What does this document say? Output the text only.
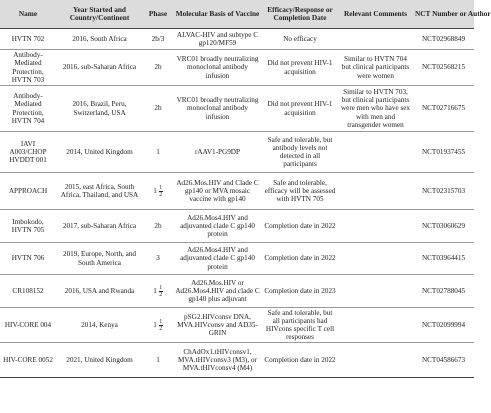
Name	Year Started and Country/Continent	Phase	Molecular Basis of Vaccine	Efficacy/Response or Completion Date	Relevant Comments	NCT Number or Author

HVTN 702	2016, South Africa	2b/3	ALVAC-HIV and subtype C gp120/MF59	No efficacy		NCT02968849
Antibody-Mediated Protection, HVTN 703	2016, sub-Saharan Africa	2b	VRC01 broadly neutralizing monoclonal antibody infusion	Did not prevent HIV-1 acquisition	Similar to HVTN 704 but clinical participants were women	NCT02568215
Antibody-Mediated Protection, HVTN 704	2016, Brazil, Peru, Switzerland, USA	2b	VRC01 broadly neutralizing monoclonal antibody infusion	Did not prevent HIV-1 acquisition	Similar to HVTN 703, but clinical participants were men who have sex with men and transgender women	NCT02716675
IAVI A003/CHOP HVDDT 001	2014, United Kingdom	1	rAAV1-PG9DP	Safe and tolerable, but antibody levels not detected in all participants		NCT01937455
APPROACH	2015, east Africa, South Africa, Thailand, and USA	$1 \frac{1}{2}$	Ad26.Mos.HIV and Clade C gp140 or MVA mosaic vaccine with gp140	Safe and tolerable, efficacy will be assessed with HVTN 705		NCT02315703
Imbokodo, HVTN 705	2017, sub-Saharan Africa	2b	Ad26.Mos4.HIV and adjuvanted clade C gp140 protein	Completion date in 2022		NCT03060629
HVTN 706	2019, Europe, North, and South America	3	Ad26.Mos4.HIV and adjuvanted clade C gp140 protein	Completion date in 2022		NCT03964415
CR108152	2016, USA and Rwanda	$1 \frac{1}{2}$	Ad26.Mos.HIV or Ad26.Mos4.HIV and clade C gp140 plus adjuvant	Completion date in 2023		NCT02788045
HIV-CORE 004	2014, Kenya	$1 \frac{1}{2}$	pSG2.HIVconsv DNA, MVA.HIVconsv and AD35-GRIN	Safe and tolerable, but all participants had HIVcons specific T cell responses		NCT02099994
HIV-CORE 0052	2021, United Kingdom	1	ChAdOx1.tHIVconsv1, MVA.tHIVconsv3 (M3), or MVA.tHIVconsv4 (M4)	Completion date in 2022		NCT04586673
